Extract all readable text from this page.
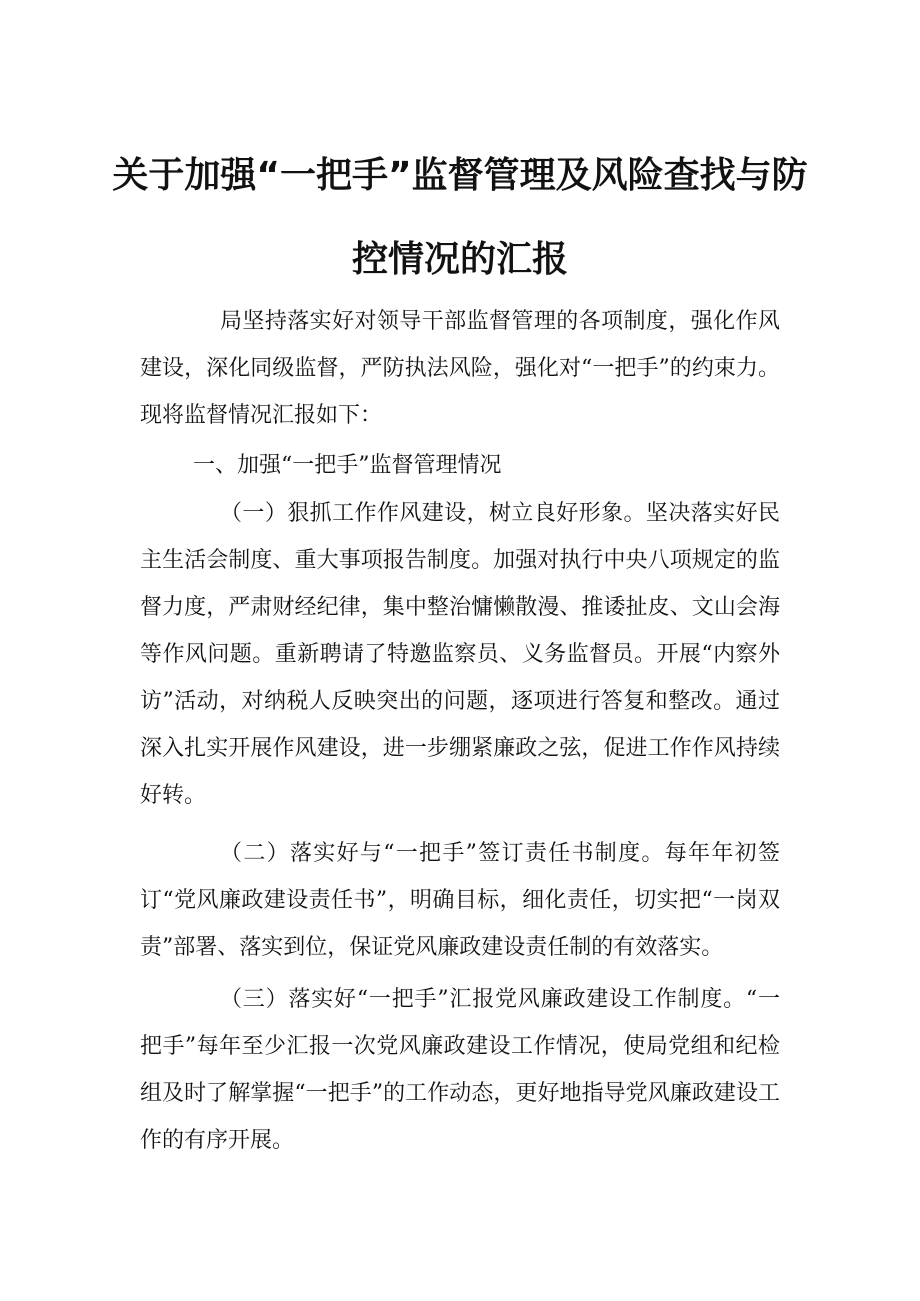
关于加强“一把手”监督管理及风险查找与防
控情况的汇报

局坚持落实好对领导干部监督管理的各项制度，强化作风建设，深化同级监督，严防执法风险，强化对“一把手”的约束力。现将监督情况汇报如下：

一、加强“一把手”监督管理情况

（一）狠抓工作作风建设，树立良好形象。坚决落实好民主生活会制度、重大事项报告制度。加强对执行中央八项规定的监督力度，严肃财经纪律，集中整治慵懒散漫、推诿扯皮、文山会海等作风问题。重新聘请了特邀监察员、义务监督员。开展“内察外访”活动，对纳税人反映突出的问题，逐项进行答复和整改。通过深入扎实开展作风建设，进一步绷紧廉政之弦，促进工作作风持续好转。

（二）落实好与“一把手”签订责任书制度。每年年初签订“党风廉政建设责任书”，明确目标，细化责任，切实把“一岗双责”部署、落实到位，保证党风廉政建设责任制的有效落实。

（三）落实好“一把手”汇报党风廉政建设工作制度。“一把手”每年至少汇报一次党风廉政建设工作情况，使局党组和纪检组及时了解掌握“一把手”的工作动态，更好地指导党风廉政建设工作的有序开展。
